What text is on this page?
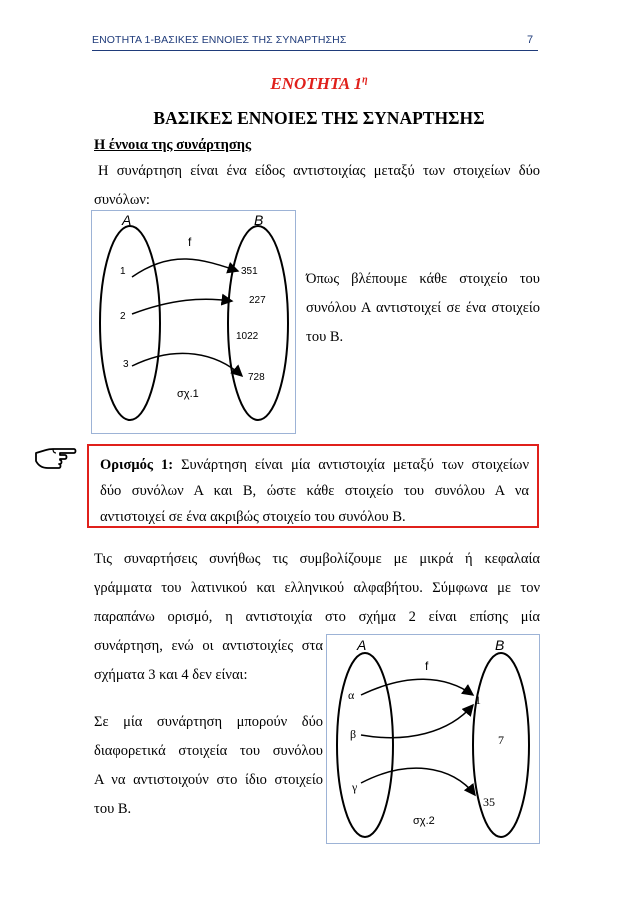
ΕΝΟΤΗΤΑ 1-ΒΑΣΙΚΕΣ ΕΝΝΟΙΕΣ ΤΗΣ ΣΥΝΑΡΤΗΣΗΣ	7
ΕΝΟΤΗΤΑ $1^\eta$
ΒΑΣΙΚΕΣ ΕΝΝΟΙΕΣ ΤΗΣ ΣΥΝΑΡΤΗΣΗΣ
Η έννοια της συνάρτησης
Η συνάρτηση είναι ένα είδος αντιστοιχίας μεταξύ των στοιχείων δύο
συνόλων:
A	B
f
1
2
3
351
227
1022
728
σχ.1
Όπως βλέπουμε κάθε στοιχείο του
συνόλου Α αντιστοιχεί σε ένα στοιχείο
του Β.
Ορισμός 1: Συνάρτηση είναι μία αντιστοιχία μεταξύ των στοιχείων
δύο συνόλων Α και Β, ώστε κάθε στοιχείο του συνόλου Α να
αντιστοιχεί σε ένα ακριβώς στοιχείο του συνόλου Β.
Τις συναρτήσεις συνήθως τις συμβολίζουμε με μικρά ή κεφαλαία
γράμματα του λατινικού και ελληνικού αλφαβήτου. Σύμφωνα με τον
παραπάνω ορισμό, η αντιστοιχία στο σχήμα 2 είναι επίσης μία
συνάρτηση, ενώ οι αντιστοιχίες στα
σχήματα 3 και 4 δεν είναι:
Σε μία συνάρτηση μπορούν δύο
διαφορετικά στοιχεία του συνόλου
Α να αντιστοιχούν στο ίδιο στοιχείο
του Β.
A	B
f
α
β
γ
1
7
35
σχ.2
